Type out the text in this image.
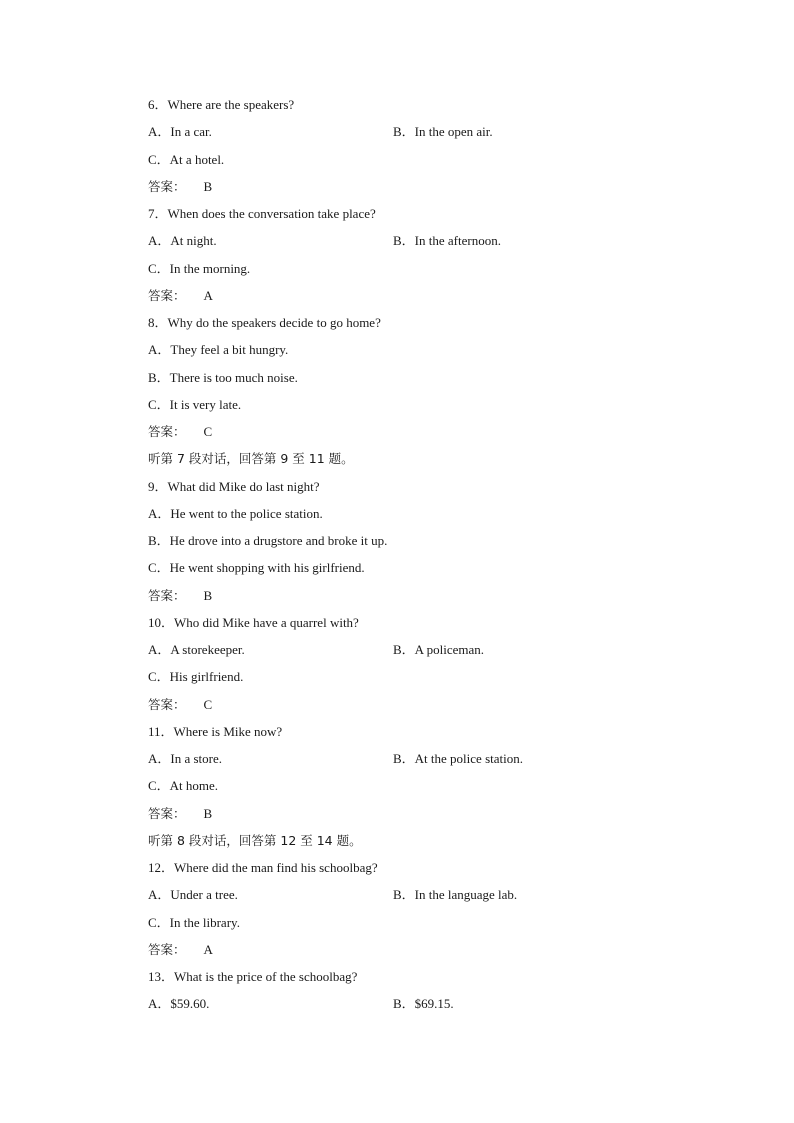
6．Where are the speakers?
A．In a car.	B．In the open air.
C．At a hotel.
答案： B
7．When does the conversation take place?
A．At night.	B．In the afternoon.
C．In the morning.
答案： A
8．Why do the speakers decide to go home?
A．They feel a bit hungry.
B．There is too much noise.
C．It is very late.
答案： C
听第 7 段对话，回答第 9 至 11 题。
9．What did Mike do last night?
A．He went to the police station.
B．He drove into a drugstore and broke it up.
C．He went shopping with his girlfriend.
答案： B
10．Who did Mike have a quarrel with?
A．A storekeeper.	B．A policeman.
C．His girlfriend.
答案： C
11．Where is Mike now?
A．In a store.	B．At the police station.
C．At home.
答案： B
听第 8 段对话，回答第 12 至 14 题。
12．Where did the man find his schoolbag?
A．Under a tree.	B．In the language lab.
C．In the library.
答案： A
13．What is the price of the schoolbag?
A．$59.60.	B．$69.15.
